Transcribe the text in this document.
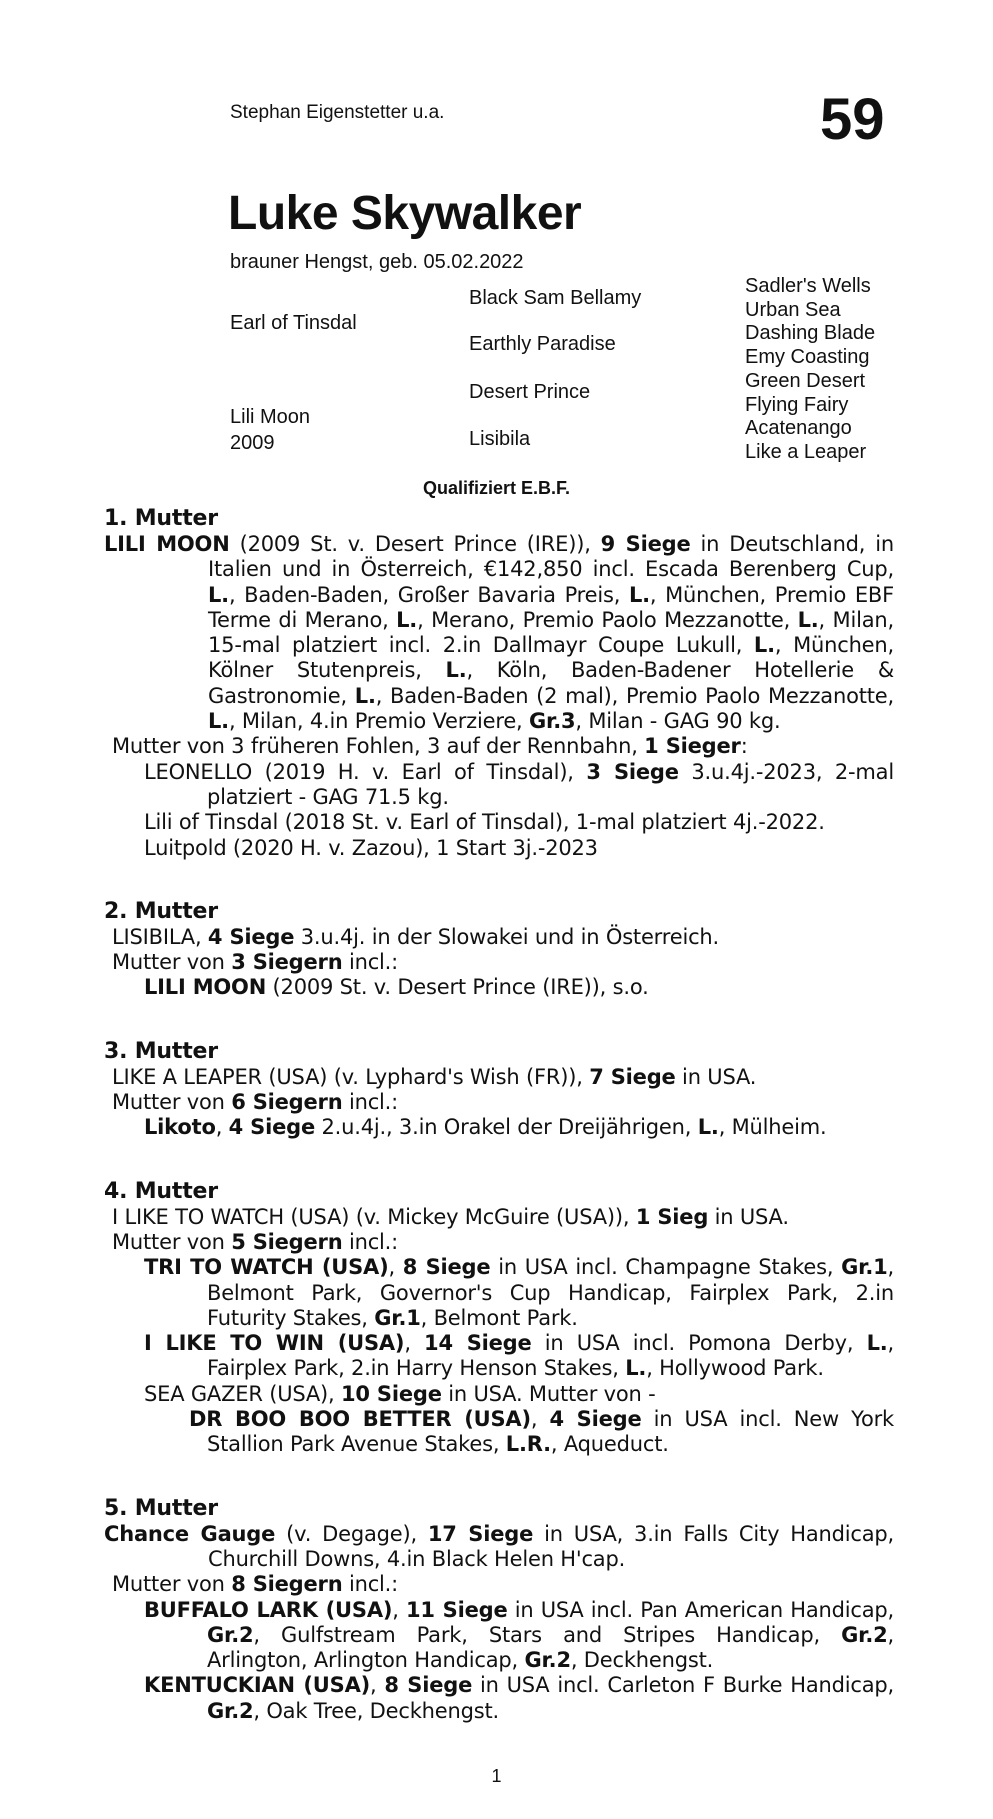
Stephan Eigenstetter u.a.	59
Luke Skywalker
brauner Hengst, geb. 05.02.2022
Earl of Tinsdal
Lili Moon
2009
Black Sam Bellamy
Earthly Paradise
Desert Prince
Lisibila
Sadler's Wells
Urban Sea
Dashing Blade
Emy Coasting
Green Desert
Flying Fairy
Acatenango
Like a Leaper
Qualifiziert E.B.F.
1. Mutter

LILI MOON (2009 St. v. Desert Prince (IRE)), 9 Siege in Deutschland, in Italien und in Österreich, €142,850 incl. Escada Berenberg Cup, L., Baden-Baden, Großer Bavaria Preis, L., München, Premio EBF Terme di Merano, L., Merano, Premio Paolo Mezzanotte, L., Milan, 15-mal platziert incl. 2.in Dallmayr Coupe Lukull, L., München, Kölner Stutenpreis, L., Köln, Baden-Badener Hotellerie & Gastronomie, L., Baden-Baden (2 mal), Premio Paolo Mezzanotte, L., Milan, 4.in Premio Verziere, Gr.3, Milan - GAG 90 kg.

Mutter von 3 früheren Fohlen, 3 auf der Rennbahn, 1 Sieger:

LEONELLO (2019 H. v. Earl of Tinsdal), 3 Siege 3.u.4j.-2023, 2-mal platziert - GAG 71.5 kg.

Lili of Tinsdal (2018 St. v. Earl of Tinsdal), 1-mal platziert 4j.-2022.

Luitpold (2020 H. v. Zazou), 1 Start 3j.-2023

2. Mutter

LISIBILA, 4 Siege 3.u.4j. in der Slowakei und in Österreich.

Mutter von 3 Siegern incl.:

LILI MOON (2009 St. v. Desert Prince (IRE)), s.o.

3. Mutter

LIKE A LEAPER (USA) (v. Lyphard's Wish (FR)), 7 Siege in USA.

Mutter von 6 Siegern incl.:

Likoto, 4 Siege 2.u.4j., 3.in Orakel der Dreijährigen, L., Mülheim.

4. Mutter

I LIKE TO WATCH (USA) (v. Mickey McGuire (USA)), 1 Sieg in USA.

Mutter von 5 Siegern incl.:

TRI TO WATCH (USA), 8 Siege in USA incl. Champagne Stakes, Gr.1, Belmont Park, Governor's Cup Handicap, Fairplex Park, 2.in Futurity Stakes, Gr.1, Belmont Park.

I LIKE TO WIN (USA), 14 Siege in USA incl. Pomona Derby, L., Fairplex Park, 2.in Harry Henson Stakes, L., Hollywood Park.

SEA GAZER (USA), 10 Siege in USA. Mutter von -

DR BOO BOO BETTER (USA), 4 Siege in USA incl. New York Stallion Park Avenue Stakes, L.R., Aqueduct.

5. Mutter

Chance Gauge (v. Degage), 17 Siege in USA, 3.in Falls City Handicap, Churchill Downs, 4.in Black Helen H'cap.

Mutter von 8 Siegern incl.:

BUFFALO LARK (USA), 11 Siege in USA incl. Pan American Handicap, Gr.2, Gulfstream Park, Stars and Stripes Handicap, Gr.2, Arlington, Arlington Handicap, Gr.2, Deckhengst.

KENTUCKIAN (USA), 8 Siege in USA incl. Carleton F Burke Handicap, Gr.2, Oak Tree, Deckhengst.

1
